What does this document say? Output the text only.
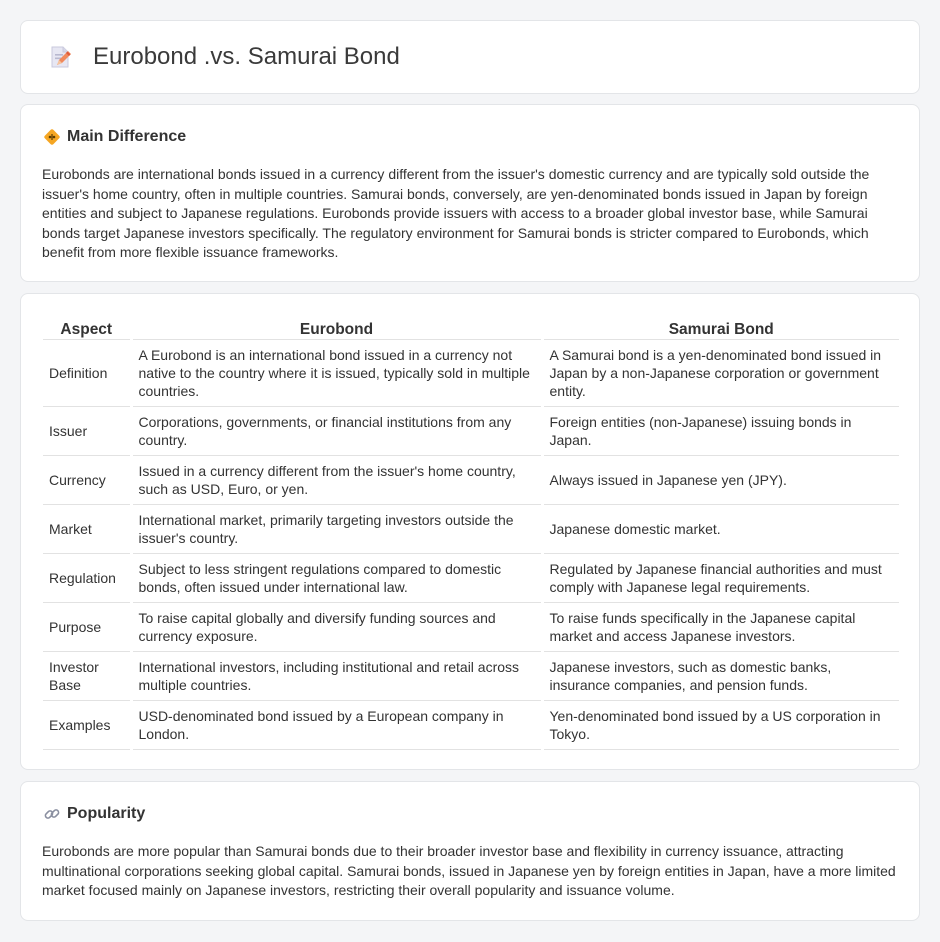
Eurobond .vs. Samurai Bond
Main Difference

Eurobonds are international bonds issued in a currency different from the issuer's domestic currency and are typically sold outside the issuer's home country, often in multiple countries. Samurai bonds, conversely, are yen-denominated bonds issued in Japan by foreign entities and subject to Japanese regulations. Eurobonds provide issuers with access to a broader global investor base, while Samurai bonds target Japanese investors specifically. The regulatory environment for Samurai bonds is stricter compared to Eurobonds, which benefit from more flexible issuance frameworks.

Aspect	Eurobond	Samurai Bond
Definition	A Eurobond is an international bond issued in a currency not native to the country where it is issued, typically sold in multiple countries.	A Samurai bond is a yen-denominated bond issued in Japan by a non-Japanese corporation or government entity.
Issuer	Corporations, governments, or financial institutions from any country.	Foreign entities (non-Japanese) issuing bonds in Japan.
Currency	Issued in a currency different from the issuer's home country, such as USD, Euro, or yen.	Always issued in Japanese yen (JPY).
Market	International market, primarily targeting investors outside the issuer's country.	Japanese domestic market.
Regulation	Subject to less stringent regulations compared to domestic bonds, often issued under international law.	Regulated by Japanese financial authorities and must comply with Japanese legal requirements.
Purpose	To raise capital globally and diversify funding sources and currency exposure.	To raise funds specifically in the Japanese capital market and access Japanese investors.
Investor Base	International investors, including institutional and retail across multiple countries.	Japanese investors, such as domestic banks, insurance companies, and pension funds.
Examples	USD-denominated bond issued by a European company in London.	Yen-denominated bond issued by a US corporation in Tokyo.
Popularity

Eurobonds are more popular than Samurai bonds due to their broader investor base and flexibility in currency issuance, attracting multinational corporations seeking global capital. Samurai bonds, issued in Japanese yen by foreign entities in Japan, have a more limited market focused mainly on Japanese investors, restricting their overall popularity and issuance volume.
